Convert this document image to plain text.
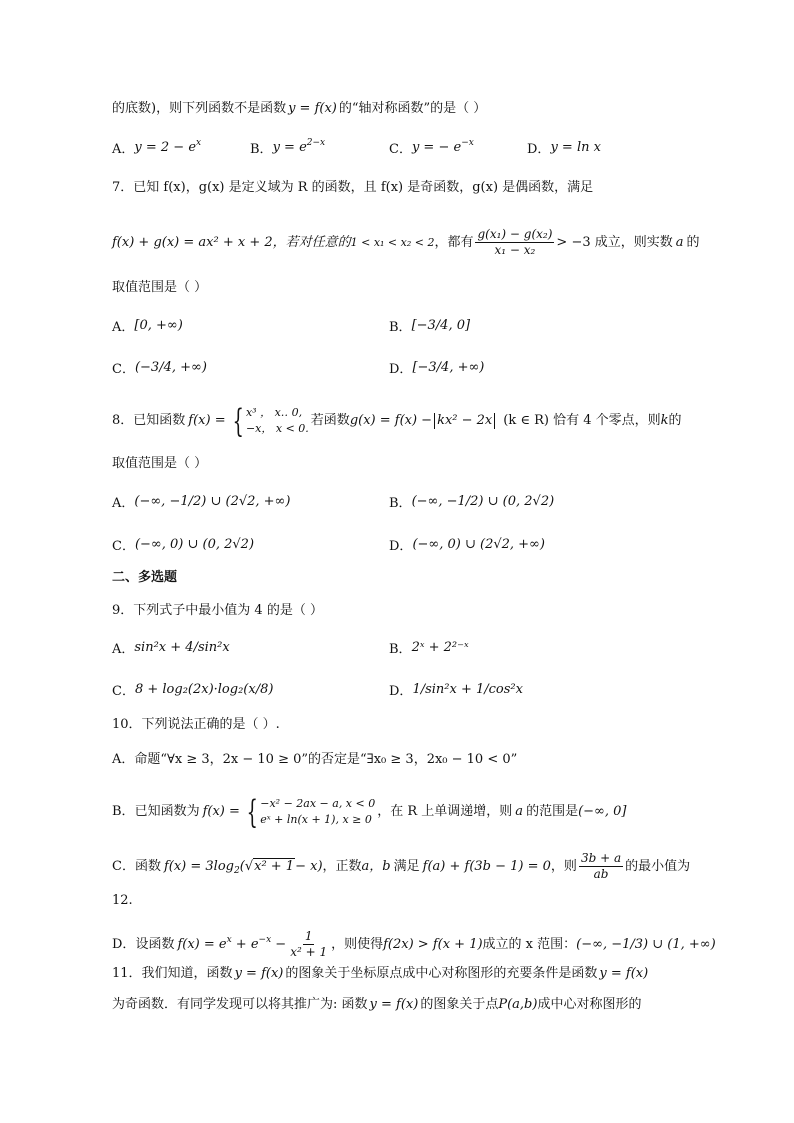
的底数)，则下列函数不是函数 y = f(x) 的“轴对称函数”的是（ ）
A． $y = 2 - e^x$	B． $y = e^{2-x}$	C． y = − $e^{-x}$	D． y = ln x
7． 已知 f(x)，g(x) 是定义域为 R 的函数，且 f(x) 是奇函数，g(x) 是偶函数，满足
f(x) + g(x) = ax² + x + 2，若对任意的 1 < x₁ < x₂ < 2 ，都有 $\frac{\text{g(x₁) − g(x₂)}}{\text{x₁ − x₂}} > -3$ 成立，则实数 a 的
取值范围是（ ）
A． [0, +∞)	B． [−3/4, 0]
C． (−3/4, +∞)	D． [−3/4, +∞)
8． 已知函数 f(x) = { x³ ， x‥ 0,
−x， x < 0.
若函数 g(x) = f(x) − kx² − 2x (k ∈ R) 恰有 4 个零点，则 k 的
取值范围是（ ）
A． (−∞, −1/2) ∪ (2√2, +∞)	B． (−∞, −1/2) ∪ (0, 2√2)
C． (−∞, 0) ∪ (0, 2√2)	D． (−∞, 0) ∪ (2√2, +∞)
二、多选题
9． 下列式子中最小值为 4 的是（ ）
A． sin²x + 4/sin²x	B． 2ˣ + 2²⁻ˣ
C． 8 + log₂(2x)·log₂(x/8)	D． 1/sin²x + 1/cos²x
10． 下列说法正确的是（ ）.
A． 命题“∀x ≥ 3，2x − 10 ≥ 0”的否定是“∃x₀ ≥ 3，2x₀ − 10 < 0”
B． 已知函数为 f(x) = { −x² − 2ax − a, x < 0
eˣ + ln(x + 1), x ≥ 0
，在 R 上单调递增，则 a 的范围是 (−∞, 0]
C． 函数 $f(x) = 3\log_2$( √ x² + 1 − x) ，正数 a，b 满足 f(a) + f(3b − 1) = 0 ，则 $\frac{3b + a}{ab}$ 的最小值为
12.
D． 设函数 $f(x) = e^x + e^{-x} - \frac{1}{\text{x² + 1}}$ ，则使得 f(2x) > f(x + 1) 成立的 x 范围： (−∞, −1/3) ∪ (1, +∞)
11． 我们知道，函数 y = f(x) 的图象关于坐标原点成中心对称图形的充要条件是函数 y = f(x)
为奇函数．有同学发现可以将其推广为: 函数 y = f(x) 的图象关于点 P(a,b) 成中心对称图形的
